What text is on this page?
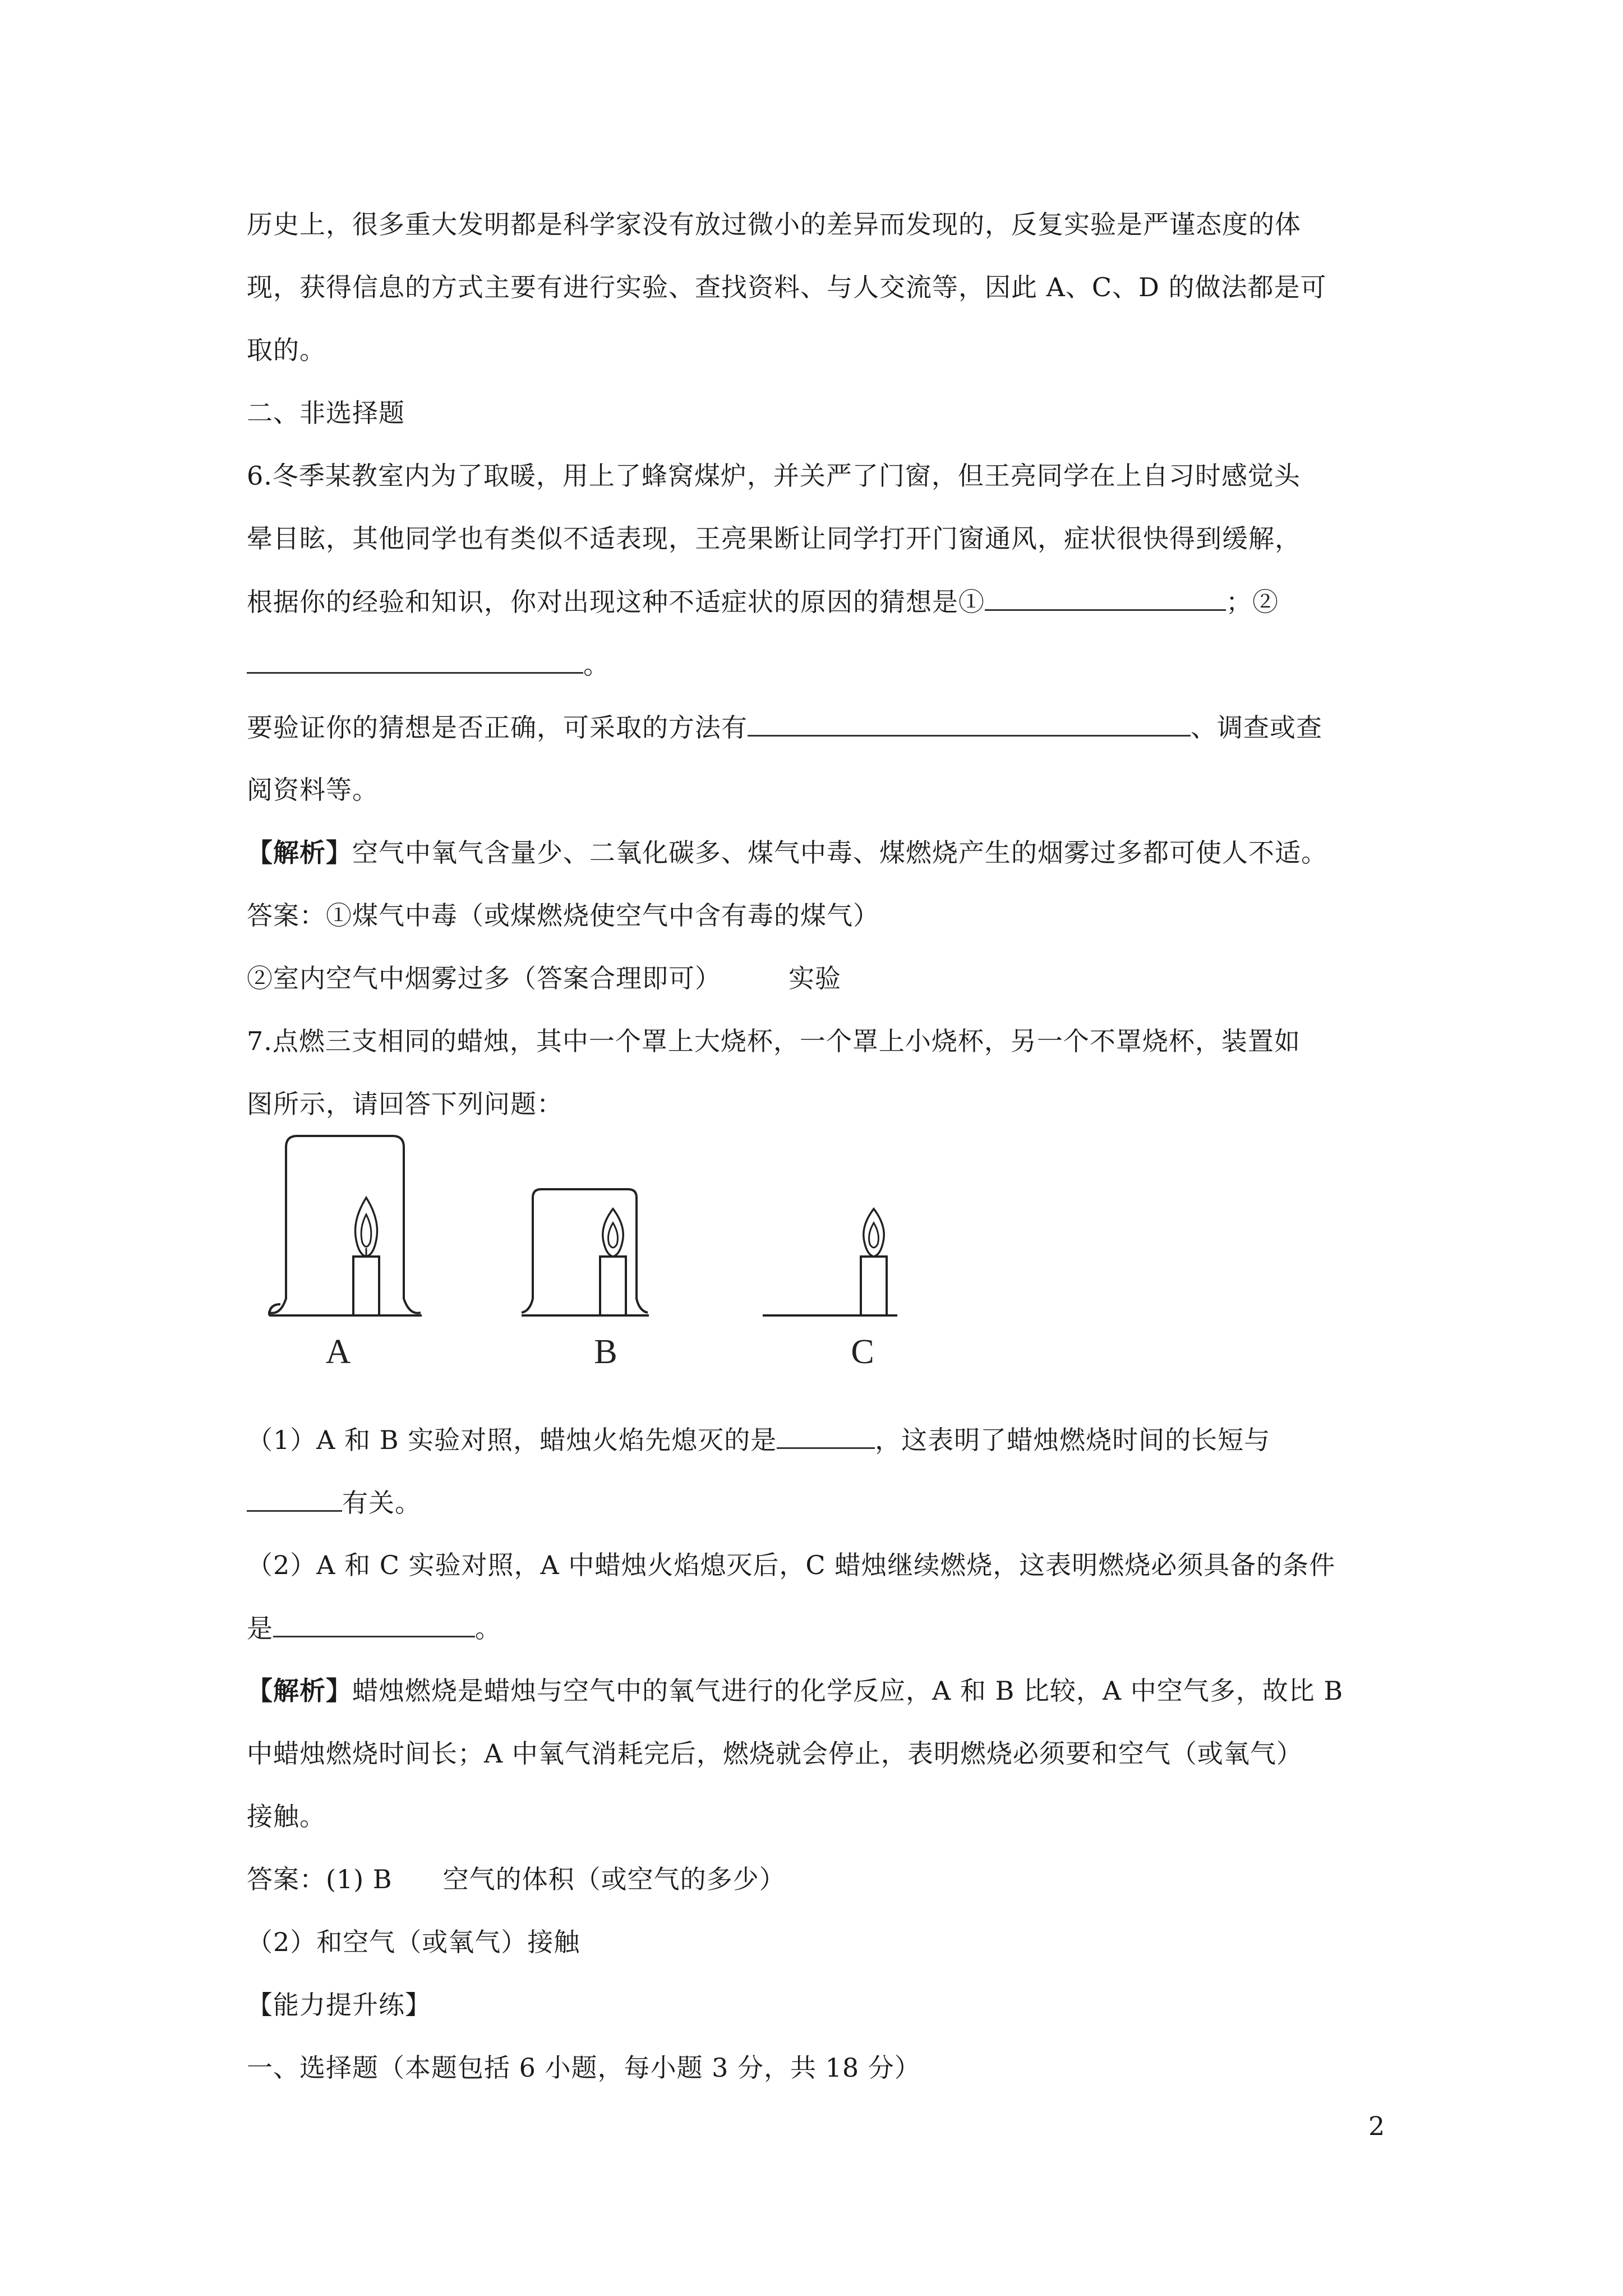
历史上，很多重大发明都是科学家没有放过微小的差异而发现的，反复实验是严谨态度的体
现，获得信息的方式主要有进行实验、查找资料、与人交流等，因此 A、C、D 的做法都是可
取的。
二、非选择题
6.冬季某教室内为了取暖，用上了蜂窝煤炉，并关严了门窗，但王亮同学在上自习时感觉头
晕目眩，其他同学也有类似不适表现，王亮果断让同学打开门窗通风，症状很快得到缓解，
根据你的经验和知识，你对出现这种不适症状的原因的猜想是①	；②
。
要验证你的猜想是否正确，可采取的方法有	、调查或查
阅资料等。
【解析】空气中氧气含量少、二氧化碳多、煤气中毒、煤燃烧产生的烟雾过多都可使人不适。
答案：①煤气中毒（或煤燃烧使空气中含有毒的煤气）
②室内空气中烟雾过多（答案合理即可）	实验
7.点燃三支相同的蜡烛，其中一个罩上大烧杯，一个罩上小烧杯，另一个不罩烧杯，装置如
图所示，请回答下列问题：
A	B	C
（1）A 和 B 实验对照，蜡烛火焰先熄灭的是	，这表明了蜡烛燃烧时间的长短与
有关。
（2）A 和 C 实验对照，A 中蜡烛火焰熄灭后，C 蜡烛继续燃烧，这表明燃烧必须具备的条件
是	。
【解析】蜡烛燃烧是蜡烛与空气中的氧气进行的化学反应，A 和 B 比较，A 中空气多，故比 B
中蜡烛燃烧时间长；A 中氧气消耗完后，燃烧就会停止，表明燃烧必须要和空气（或氧气）
接触。
答案：(1) B 空气的体积（或空气的多少）
（2）和空气（或氧气）接触
【能力提升练】
一、选择题（本题包括 6 小题，每小题 3 分，共 18 分）
2
